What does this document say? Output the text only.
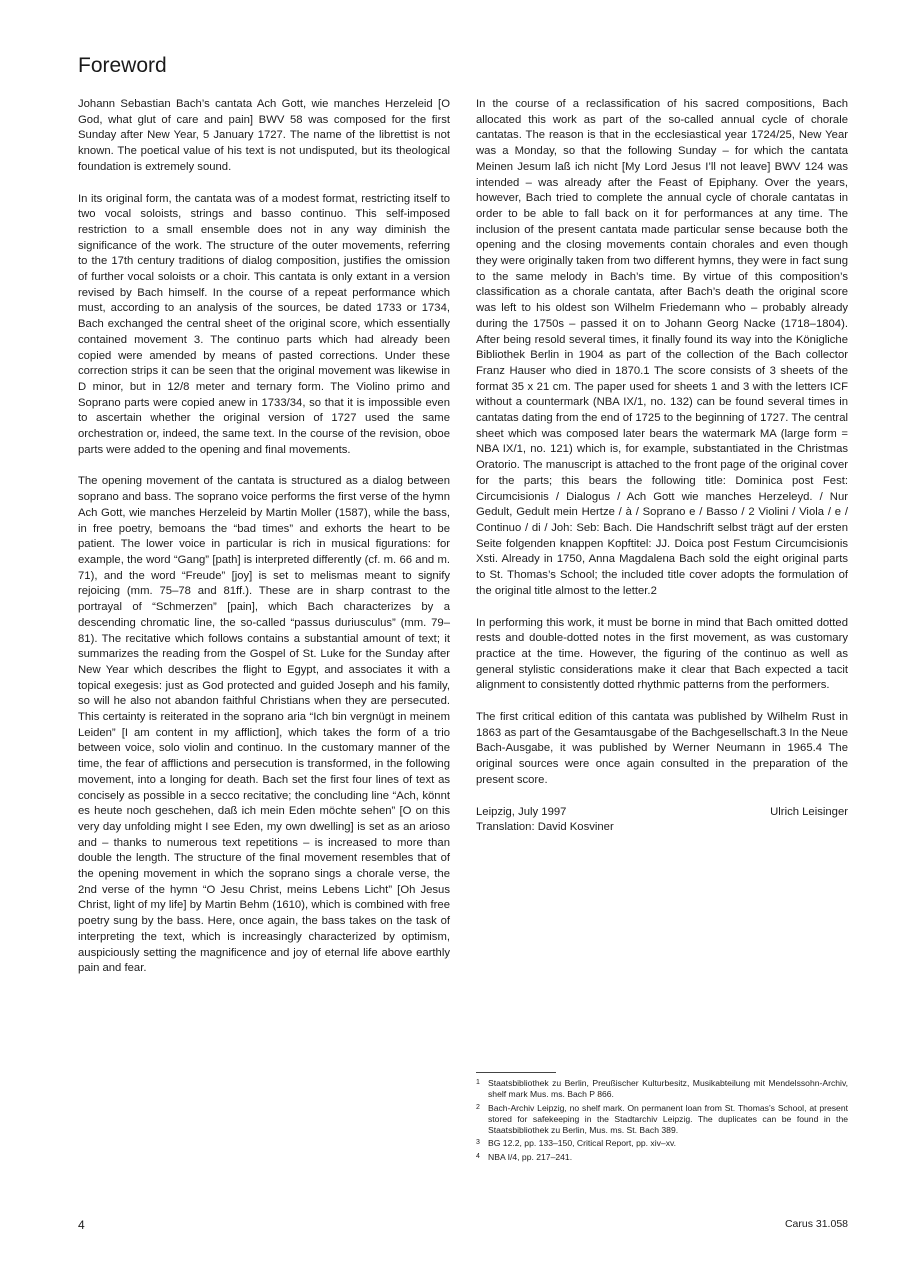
Foreword

Johann Sebastian Bach’s cantata Ach Gott, wie manches Herzeleid [O God, what glut of care and pain] BWV 58 was composed for the first Sunday after New Year, 5 January 1727. The name of the librettist is not known. The poetical value of his text is not undisputed, but its theological foundation is extremely sound.

In its original form, the cantata was of a modest format, restricting itself to two vocal soloists, strings and basso continuo. This self-imposed restriction to a small ensemble does not in any way diminish the significance of the work. The structure of the outer movements, referring to the 17th century traditions of dialog composition, justifies the omission of further vocal soloists or a choir. This cantata is only extant in a version revised by Bach himself. In the course of a repeat performance which must, according to an analysis of the sources, be dated 1733 or 1734, Bach exchanged the central sheet of the original score, which essentially contained movement 3. The continuo parts which had already been copied were amended by means of pasted corrections. Under these correction strips it can be seen that the original movement was likewise in D minor, but in 12/8 meter and ternary form. The Violino primo and Soprano parts were copied anew in 1733/34, so that it is impossible even to ascertain whether the original version of 1727 used the same orchestration or, indeed, the same text. In the course of the revision, oboe parts were added to the opening and final movements.

The opening movement of the cantata is structured as a dialog between soprano and bass. The soprano voice performs the first verse of the hymn Ach Gott, wie manches Herzeleid by Martin Moller (1587), while the bass, in free poetry, bemoans the “bad times” and exhorts the heart to be patient. The lower voice in particular is rich in musical figurations: for example, the word “Gang” [path] is interpreted differently (cf. m. 66 and m. 71), and the word “Freude” [joy] is set to melismas meant to signify rejoicing (mm. 75–78 and 81ff.). These are in sharp contrast to the portrayal of “Schmerzen” [pain], which Bach characterizes by a descending chromatic line, the so-called “passus duriusculus” (mm. 79–81). The recitative which follows contains a substantial amount of text; it summarizes the reading from the Gospel of St. Luke for the Sunday after New Year which describes the flight to Egypt, and associates it with a topical exegesis: just as God protected and guided Joseph and his family, so will he also not abandon faithful Christians when they are persecuted. This certainty is reiterated in the soprano aria “Ich bin vergnügt in meinem Leiden” [I am content in my affliction], which takes the form of a trio between voice, solo violin and continuo. In the customary manner of the time, the fear of afflictions and persecution is transformed, in the following movement, into a longing for death. Bach set the first four lines of text as concisely as possible in a secco recitative; the concluding line “Ach, könnt es heute noch geschehen, daß ich mein Eden möchte sehen” [O on this very day unfolding might I see Eden, my own dwelling] is set as an arioso and – thanks to numerous text repetitions – is increased to more than double the length. The structure of the final movement resembles that of the opening movement in which the soprano sings a chorale verse, the 2nd verse of the hymn “O Jesu Christ, meins Lebens Licht” [Oh Jesus Christ, light of my life] by Martin Behm (1610), which is combined with free poetry sung by the bass. Here, once again, the bass takes on the task of interpreting the text, which is increasingly characterized by optimism, auspiciously setting the magnificence and joy of eternal life above earthly pain and fear.

In the course of a reclassification of his sacred compositions, Bach allocated this work as part of the so-called annual cycle of chorale cantatas. The reason is that in the ecclesiastical year 1724/25, New Year was a Monday, so that the following Sunday – for which the cantata Meinen Jesum laß ich nicht [My Lord Jesus I’ll not leave] BWV 124 was intended – was already after the Feast of Epiphany. Over the years, however, Bach tried to complete the annual cycle of chorale cantatas in order to be able to fall back on it for performances at any time. The inclusion of the present cantata made particular sense because both the opening and the closing movements contain chorales and even though they were originally taken from two different hymns, they were in fact sung to the same melody in Bach’s time. By virtue of this composition’s classification as a chorale cantata, after Bach’s death the original score was left to his oldest son Wilhelm Friedemann who – probably already during the 1750s – passed it on to Johann Georg Nacke (1718–1804). After being resold several times, it finally found its way into the Königliche Bibliothek Berlin in 1904 as part of the collection of the Bach collector Franz Hauser who died in 1870.1 The score consists of 3 sheets of the format 35 x 21 cm. The paper used for sheets 1 and 3 with the letters ICF without a countermark (NBA IX/1, no. 132) can be found several times in cantatas dating from the end of 1725 to the beginning of 1727. The central sheet which was composed later bears the watermark MA (large form = NBA IX/1, no. 121) which is, for example, substantiated in the Christmas Oratorio. The manuscript is attached to the front page of the original cover for the parts; this bears the following title: Dominica post Fest: Circumcisionis / Dialogus / Ach Gott wie manches Herzeleyd. / Nur Gedult, Gedult mein Hertze / à / Soprano e / Basso / 2 Violini / Viola / e / Continuo / di / Joh: Seb: Bach. Die Handschrift selbst trägt auf der ersten Seite folgenden knappen Kopftitel: JJ. Doica post Festum Circumcisionis Xsti. Already in 1750, Anna Magdalena Bach sold the eight original parts to St. Thomas’s School; the included title cover adopts the formulation of the original title almost to the letter.2

In performing this work, it must be borne in mind that Bach omitted dotted rests and double-dotted notes in the first movement, as was customary practice at the time. However, the figuring of the continuo as well as general stylistic considerations make it clear that Bach expected a tacit alignment to consistently dotted rhythmic patterns from the performers.

The first critical edition of this cantata was published by Wilhelm Rust in 1863 as part of the Gesamtausgabe of the Bachgesellschaft.3 In the Neue Bach-Ausgabe, it was published by Werner Neumann in 1965.4 The original sources were once again consulted in the preparation of the present score.

Leipzig, July 1997	Ulrich Leisinger
Translation: David Kosviner
1 Staatsbibliothek zu Berlin, Preußischer Kulturbesitz, Musikabteilung mit Mendelssohn-Archiv, shelf mark Mus. ms. Bach P 866.
2 Bach-Archiv Leipzig, no shelf mark. On permanent loan from St. Thomas’s School, at present stored for safekeeping in the Stadtarchiv Leipzig. The duplicates can be found in the Staatsbibliothek zu Berlin, Mus. ms. St. Bach 389.
3 BG 12.2, pp. 133–150, Critical Report, pp. xiv–xv.
4 NBA I/4, pp. 217–241.
4	Carus 31.058
